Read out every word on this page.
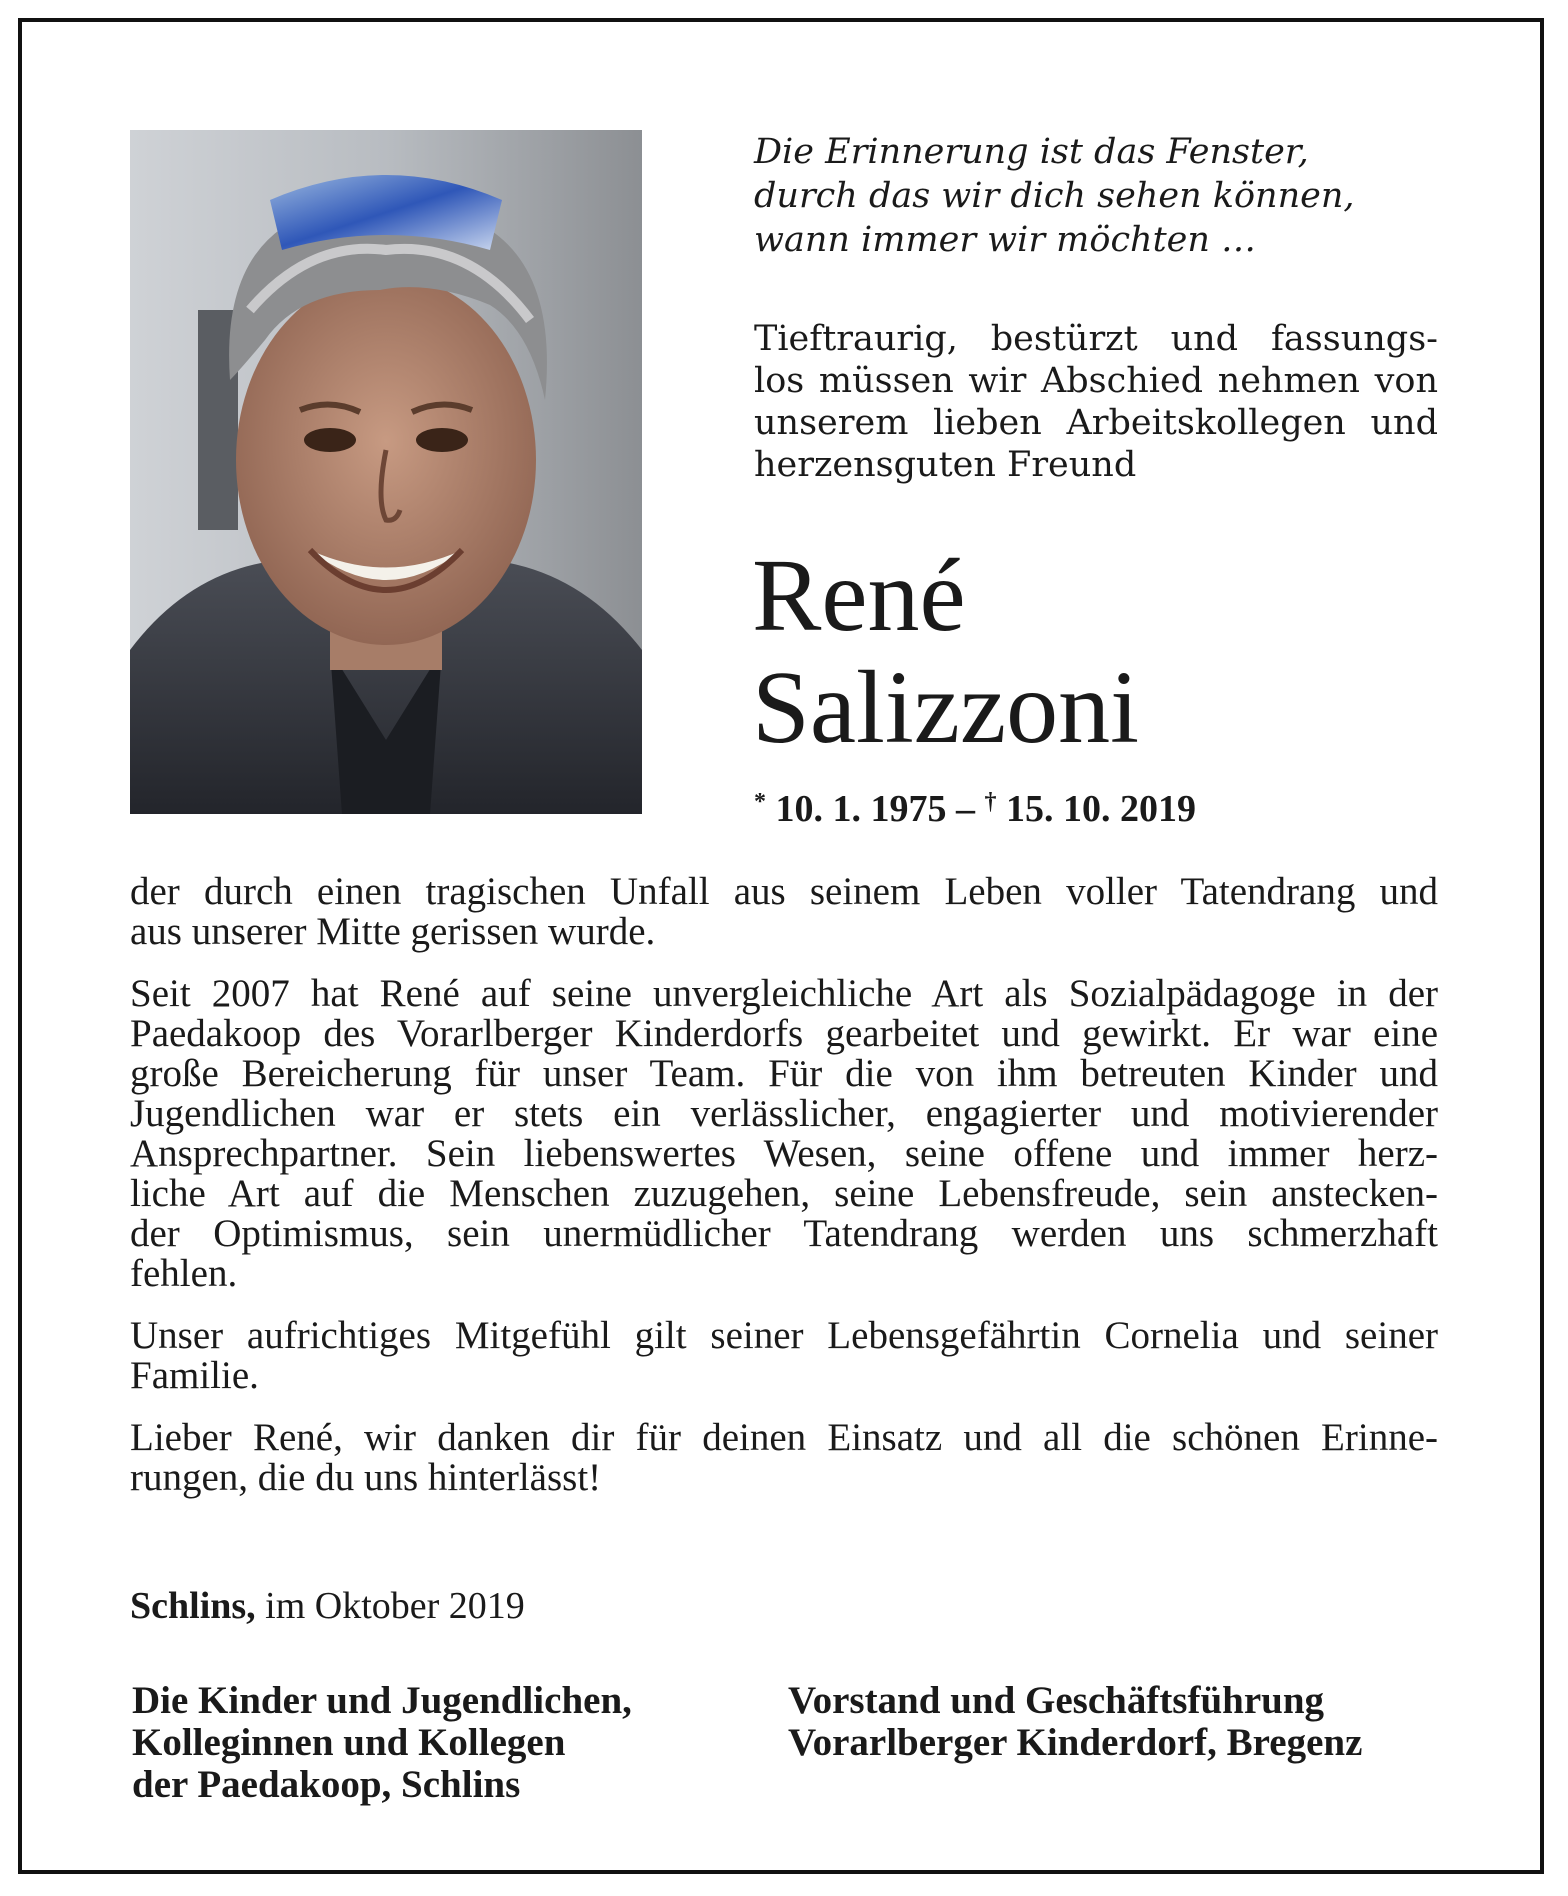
Die Erinnerung ist das Fenster,
durch das wir dich sehen können,
wann immer wir möchten …
Tieftraurig, bestürzt und fassungs-
los müssen wir Abschied nehmen von
unserem lieben Arbeitskollegen und
herzensguten Freund
René
Salizzoni
* 10. 1. 1975 – † 15. 10. 2019
der durch einen tragischen Unfall aus seinem Leben voller Tatendrang und
aus unserer Mitte gerissen wurde.
Seit 2007 hat René auf seine unvergleichliche Art als Sozialpädagoge in der
Paedakoop des Vorarlberger Kinderdorfs gearbeitet und gewirkt. Er war eine
große Bereicherung für unser Team. Für die von ihm betreuten Kinder und
Jugendlichen war er stets ein verlässlicher, engagierter und motivierender
Ansprechpartner. Sein liebenswertes Wesen, seine offene und immer herz-
liche Art auf die Menschen zuzugehen, seine Lebensfreude, sein anstecken-
der Optimismus, sein unermüdlicher Tatendrang werden uns schmerzhaft
fehlen.
Unser aufrichtiges Mitgefühl gilt seiner Lebensgefährtin Cornelia und seiner
Familie.
Lieber René, wir danken dir für deinen Einsatz und all die schönen Erinne-
rungen, die du uns hinterlässt!
Schlins, im Oktober 2019
Die Kinder und Jugendlichen,
Kolleginnen und Kollegen
der Paedakoop, Schlins
Vorstand und Geschäftsführung
Vorarlberger Kinderdorf, Bregenz
